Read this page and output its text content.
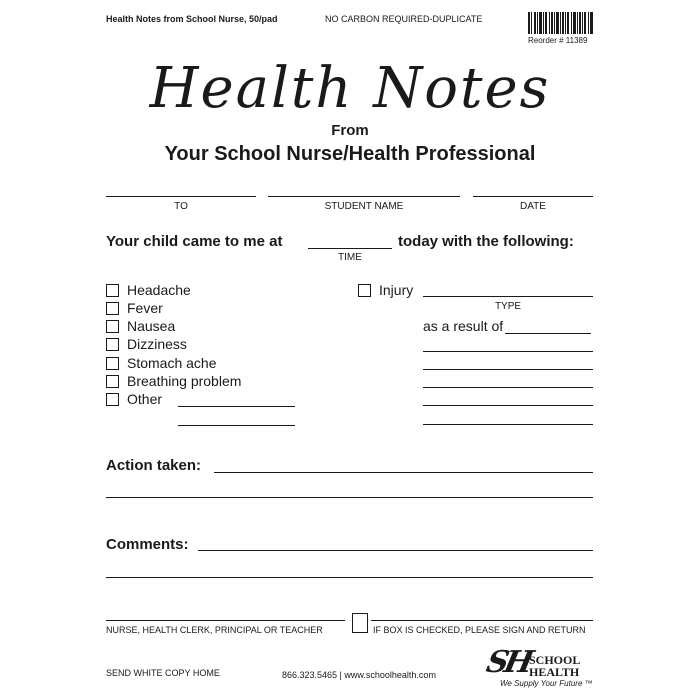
Health Notes from School Nurse, 50/pad	NO CARBON REQUIRED-DUPLICATE
Reorder # 11389
Health Notes
From
Your School Nurse/Health Professional
TO	STUDENT NAME	DATE
Your child came to me at	today with the following:
TIME
Headache
Fever
Nausea
Dizziness
Stomach ache
Breathing problem
Other
Injury
TYPE
as a result of
Action taken:
Comments:
NURSE, HEALTH CLERK, PRINCIPAL OR TEACHER	IF BOX IS CHECKED, PLEASE SIGN AND RETURN
SEND WHITE COPY HOME	866.323.5465 | www.schoolhealth.com SH
SCHOOL
HEALTH
We Supply Your Future ™
